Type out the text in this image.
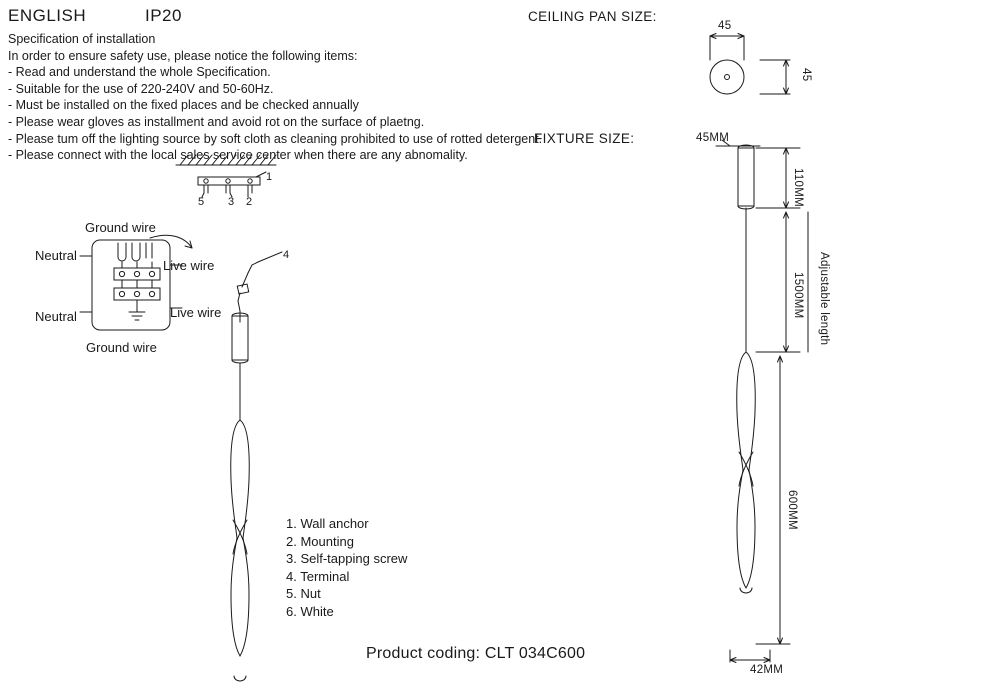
ENGLISH	IP20
Specification of installation
In order to ensure safety use, please notice the following items:
- Read and understand the whole Specification.
- Suitable for the use of 220-240V and 50-60Hz.
- Must be installed on the fixed places and be checked annually
- Please wear gloves as installment and avoid rot on the surface of plaetng.
- Please tum off the lighting source by soft cloth as cleaning prohibited to use of rotted detergent.
- Please connect with the local sales service center when there are any abnomality.
CEILING PAN SIZE:
FIXTURE SIZE:
Ground wire
Neutral
Live wire
Neutral	Live wire
Ground wire
1
2
3
5
4
1. Wall anchor
2. Mounting
3. Self-tapping screw
4. Terminal
5. Nut
6. White
Product coding: CLT 034C600
45
45
45MM
110MM
1500MM Adjustable length
600MM
42MM
